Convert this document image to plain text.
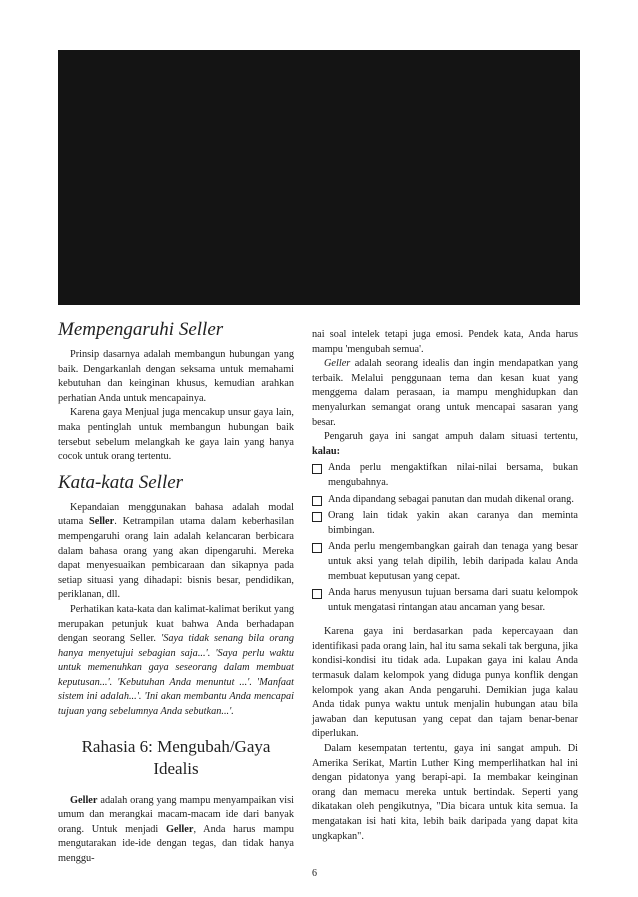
Mempengaruhi Seller

Prinsip dasarnya adalah membangun hubungan yang baik. Dengarkanlah dengan seksama untuk memahami kebutuhan dan keinginan khusus, kemudian arahkan perhatian Anda untuk mencapainya.

Karena gaya Menjual juga mencakup unsur gaya lain, maka pentinglah untuk membangun hubungan baik tersebut sebelum melangkah ke gaya lain yang hanya cocok untuk orang tertentu.

Kata-kata Seller

Kepandaian menggunakan bahasa adalah modal utama Seller. Ketrampilan utama dalam keberhasilan mempengaruhi orang lain adalah kelancaran berbicara dalam bahasa orang yang akan dipengaruhi. Mereka dapat menyesuaikan pembicaraan dan sikapnya pada setiap situasi yang dihadapi: bisnis besar, pendidikan, periklanan, dll.

Perhatikan kata-kata dan kalimat-kalimat berikut yang merupakan petunjuk kuat bahwa Anda berhadapan dengan seorang Seller. 'Saya tidak senang bila orang hanya menyetujui sebagian saja...'. 'Saya perlu waktu untuk memenuhkan gaya seseorang dalam membuat keputusan...'. 'Kebutuhan Anda menuntut ...'. 'Manfaat sistem ini adalah...'. 'Ini akan membantu Anda mencapai tujuan yang sebelumnya Anda sebutkan...'.

Rahasia 6: Mengubah/Gaya Idealis

Geller adalah orang yang mampu menyampaikan visi umum dan merangkai macam-macam ide dari banyak orang. Untuk menjadi Geller, Anda harus mampu mengutarakan ide-ide dengan tegas, dan tidak hanya menggu-

nai soal intelek tetapi juga emosi. Pendek kata, Anda harus mampu 'mengubah semua'.

Geller adalah seorang idealis dan ingin mendapatkan yang terbaik. Melalui penggunaan tema dan kesan kuat yang menggema dalam perasaan, ia mampu menghidupkan dan menyalurkan semangat orang untuk mencapai sasaran yang besar.

Pengaruh gaya ini sangat ampuh dalam situasi tertentu, kalau:

Anda perlu mengaktifkan nilai-nilai bersama, bukan mengubahnya.
Anda dipandang sebagai panutan dan mudah dikenal orang.
Orang lain tidak yakin akan caranya dan meminta bimbingan.
Anda perlu mengembangkan gairah dan tenaga yang besar untuk aksi yang telah dipilih, lebih daripada kalau Anda membuat keputusan yang cepat.
Anda harus menyusun tujuan bersama dari suatu kelompok untuk mengatasi rintangan atau ancaman yang besar.

Karena gaya ini berdasarkan pada kepercayaan dan identifikasi pada orang lain, hal itu sama sekali tak berguna, jika kondisi-kondisi itu tidak ada. Lupakan gaya ini kalau Anda termasuk dalam kelompok yang diduga punya konflik dengan kelompok yang akan Anda pengaruhi. Demikian juga kalau Anda tidak punya waktu untuk menjalin hubungan atau bila jawaban dan keputusan yang cepat dan tajam benar-benar diperlukan.

Dalam kesempatan tertentu, gaya ini sangat ampuh. Di Amerika Serikat, Martin Luther King memperlihatkan hal ini dengan pidatonya yang berapi-api. Ia membakar keinginan orang dan memacu mereka untuk bertindak. Seperti yang dikatakan oleh pengikutnya, "Dia bicara untuk kita semua. Ia mengatakan isi hati kita, lebih baik daripada yang dapat kita ungkapkan".

6
